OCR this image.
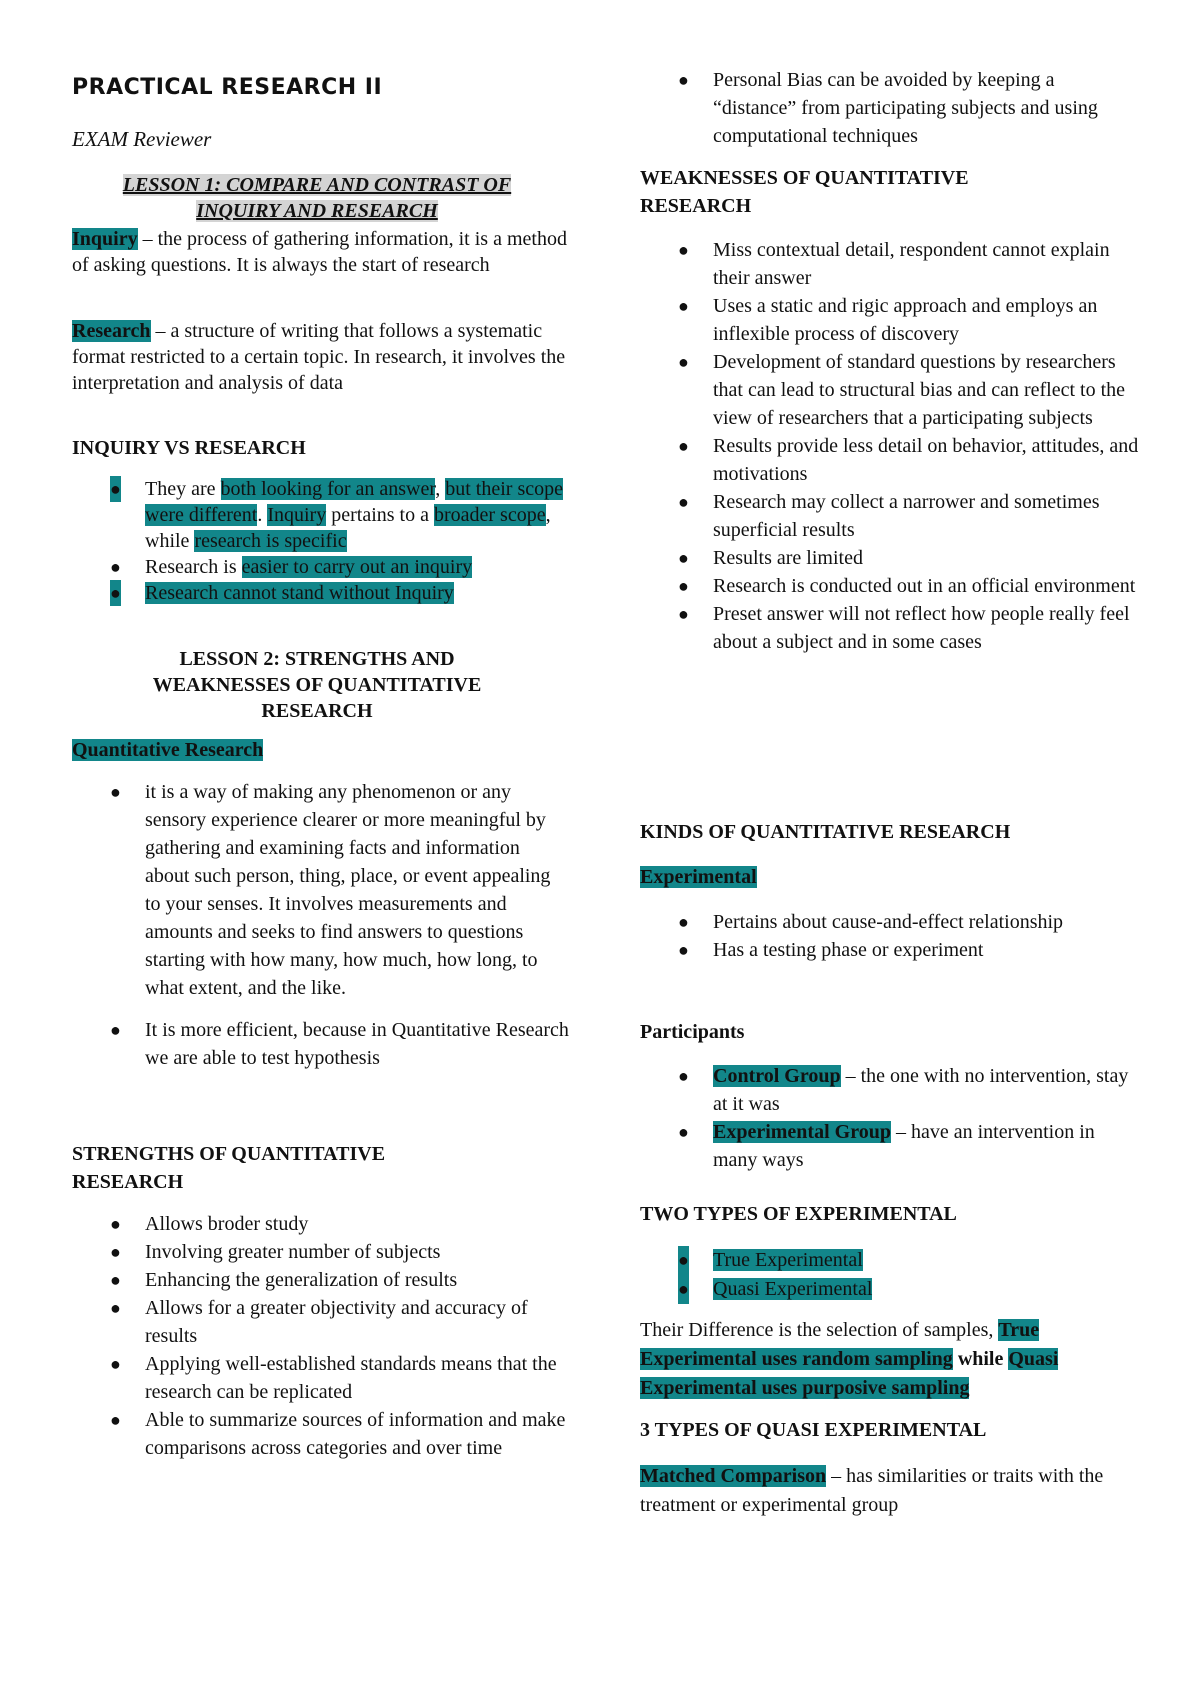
PRACTICAL RESEARCH II

EXAM Reviewer

LESSON 1: COMPARE AND CONTRAST OF
INQUIRY AND RESEARCH

Inquiry – the process of gathering information, it is a method of asking questions. It is always the start of research

Research – a structure of writing that follows a systematic format restricted to a certain topic. In research, it involves the interpretation and analysis of data

INQUIRY VS RESEARCH

● They are both looking for an answer, but their scope were different. Inquiry pertains to a broader scope, while research is specific
● Research is easier to carry out an inquiry
● Research cannot stand without Inquiry
LESSON 2: STRENGTHS AND
WEAKNESSES OF QUANTITATIVE
RESEARCH

Quantitative Research

● it is a way of making any phenomenon or any sensory experience clearer or more meaningful by gathering and examining facts and information about such person, thing, place, or event appealing to your senses. It involves measurements and amounts and seeks to find answers to questions starting with how many, how much, how long, to what extent, and the like.
● It is more efficient, because in Quantitative Research we are able to test hypothesis

STRENGTHS OF QUANTITATIVE RESEARCH

● Allows broder study
● Involving greater number of subjects
● Enhancing the generalization of results
● Allows for a greater objectivity and accuracy of results
● Applying well-established standards means that the research can be replicated
● Able to summarize sources of information and make comparisons across categories and over time
● Personal Bias can be avoided by keeping a “distance” from participating subjects and using computational techniques

WEAKNESSES OF QUANTITATIVE RESEARCH

● Miss contextual detail, respondent cannot explain their answer
● Uses a static and rigic approach and employs an inflexible process of discovery
● Development of standard questions by researchers that can lead to structural bias and can reflect to the view of researchers that a participating subjects
● Results provide less detail on behavior, attitudes, and motivations
● Research may collect a narrower and sometimes superficial results
● Results are limited
● Research is conducted out in an official environment
● Preset answer will not reflect how people really feel about a subject and in some cases

KINDS OF QUANTITATIVE RESEARCH

Experimental

● Pertains about cause-and-effect relationship
● Has a testing phase or experiment

Participants

● Control Group – the one with no intervention, stay at it was
● Experimental Group – have an intervention in many ways

TWO TYPES OF EXPERIMENTAL

● True Experimental
● Quasi Experimental

Their Difference is the selection of samples, True Experimental uses random sampling while Quasi Experimental uses purposive sampling

3 TYPES OF QUASI EXPERIMENTAL

Matched Comparison – has similarities or traits with the treatment or experimental group
